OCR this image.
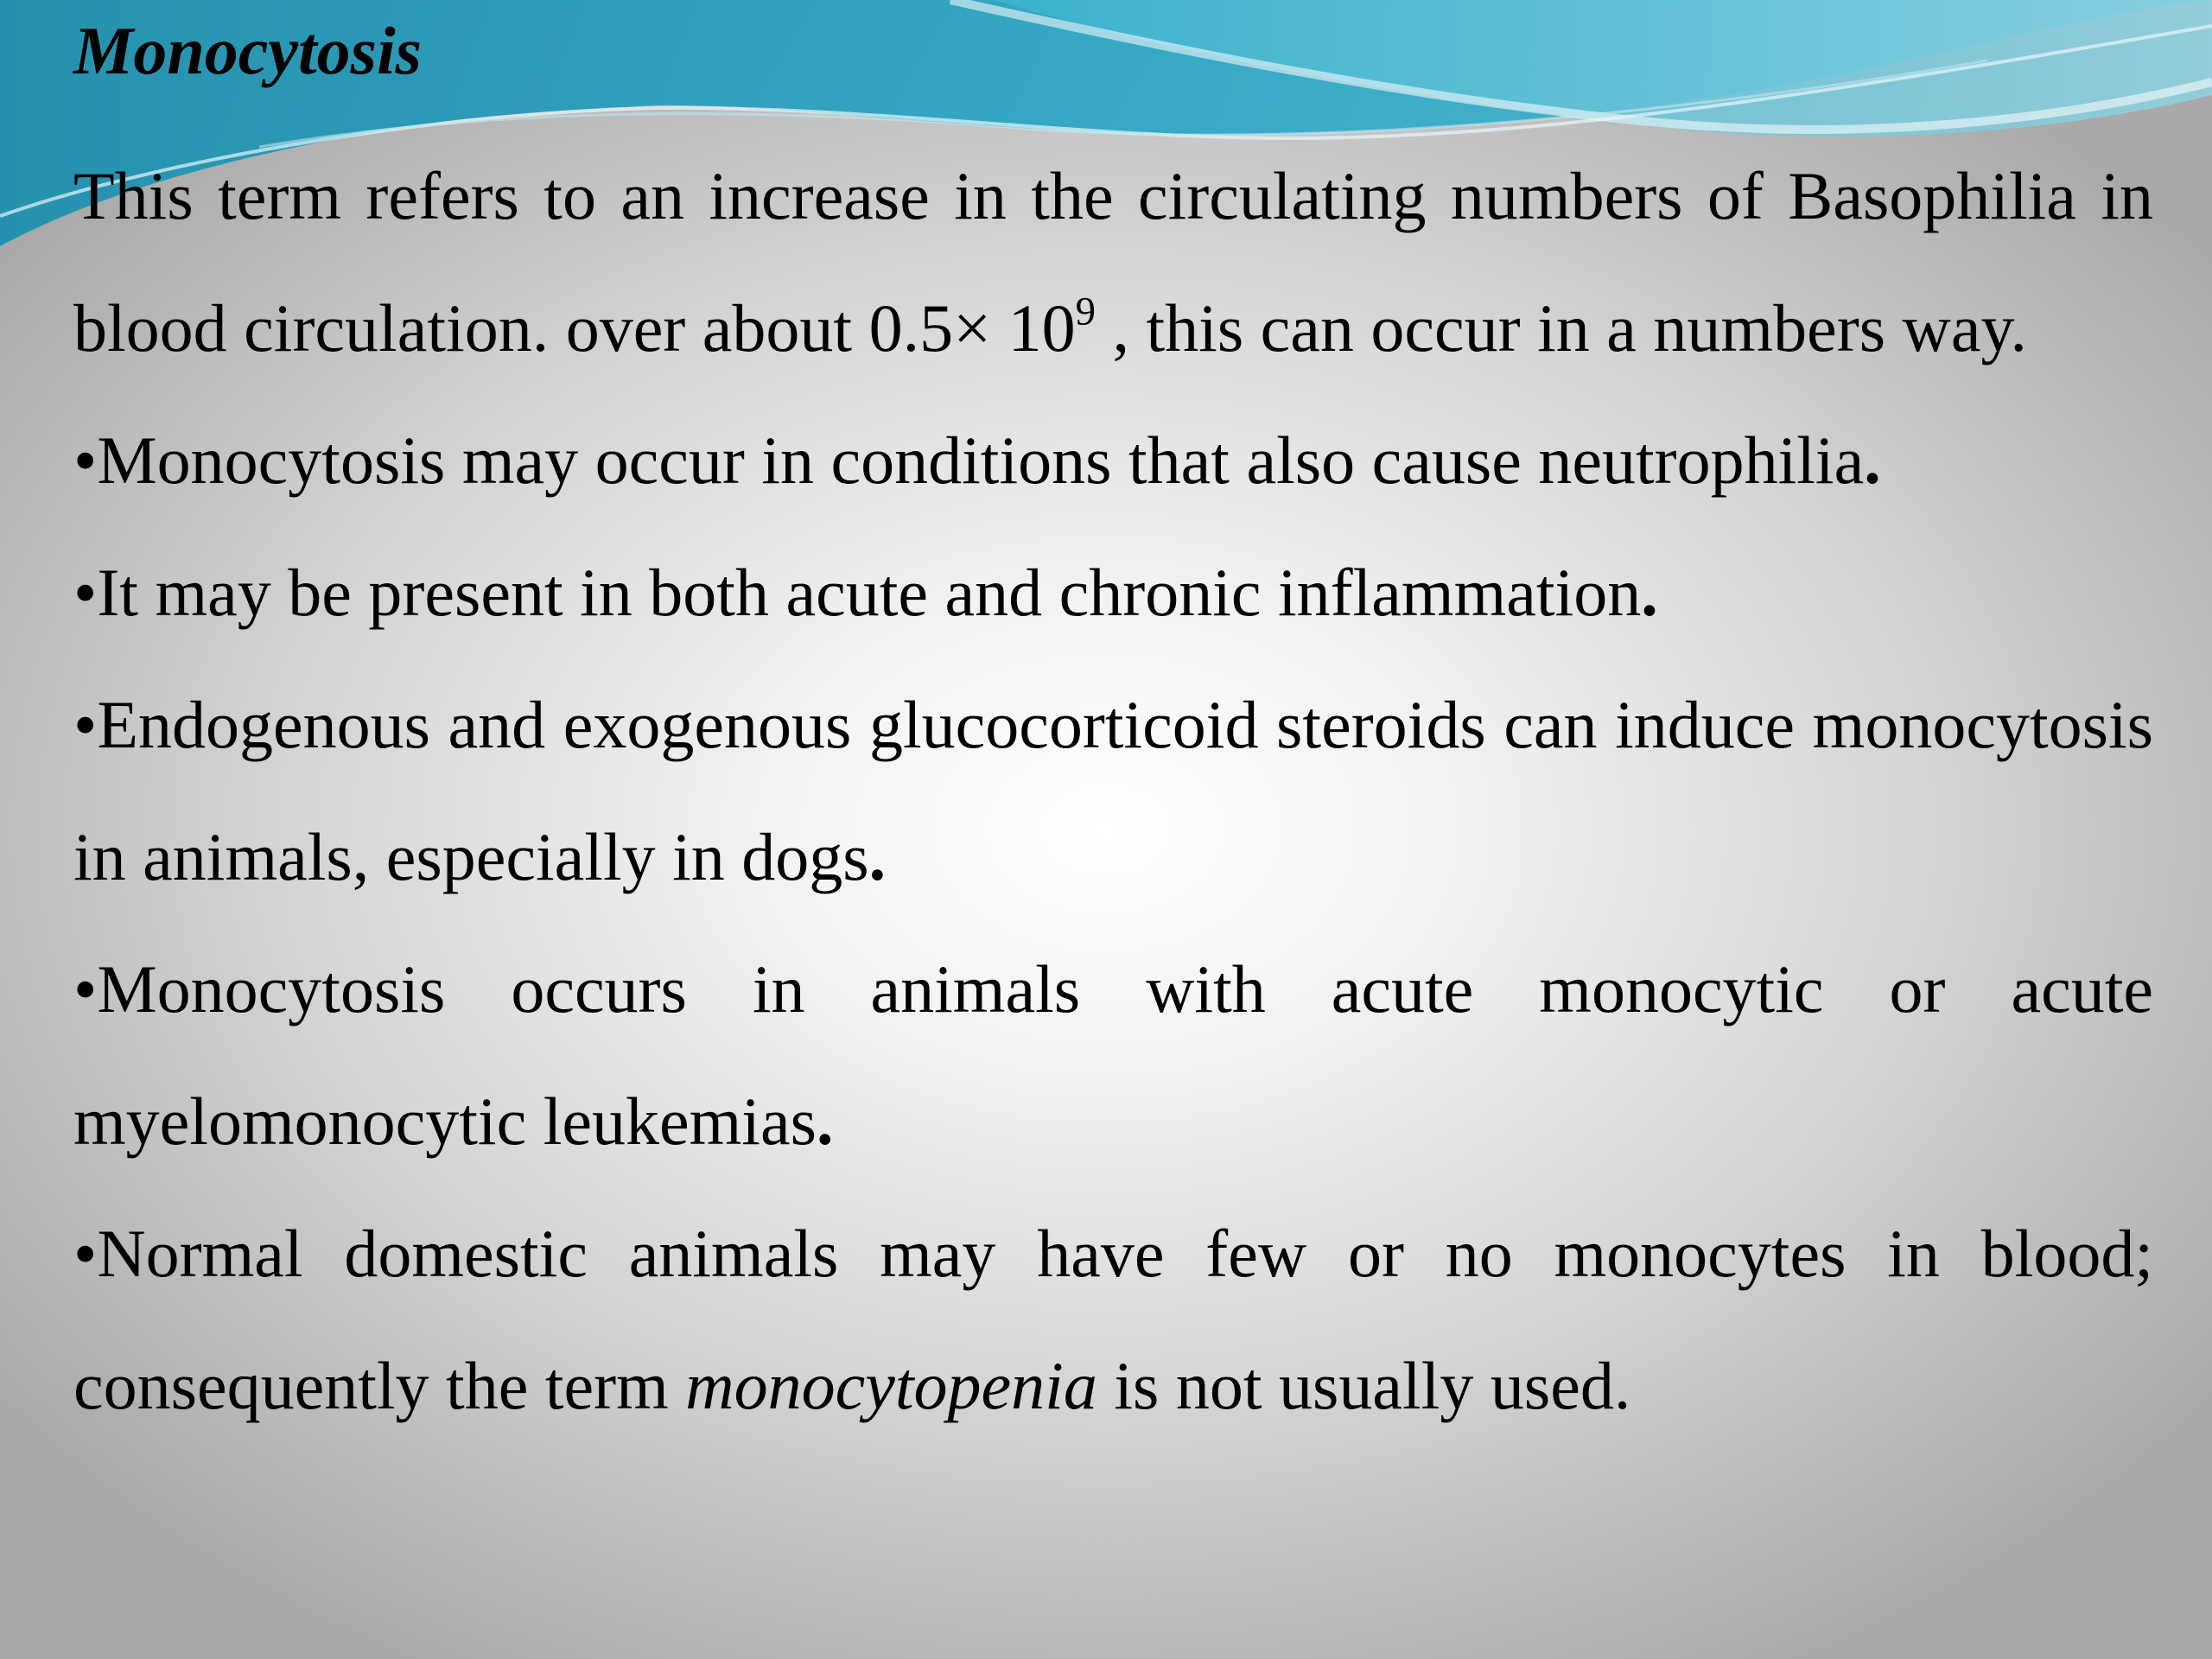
Monocytosis

This term refers to an increase in the circulating numbers of Basophilia in blood circulation. over about $0.5\times 10^9$ , this can occur in a numbers way.

•Monocytosis may occur in conditions that also cause neutrophilia.

•It may be present in both acute and chronic inflammation.

•Endogenous and exogenous glucocorticoid steroids can induce monocytosis in animals, especially in dogs.

•Monocytosis occurs in animals with acute monocytic or acute myelomonocytic leukemias.

•Normal domestic animals may have few or no monocytes in blood; consequently the term monocytopenia is not usually used.
